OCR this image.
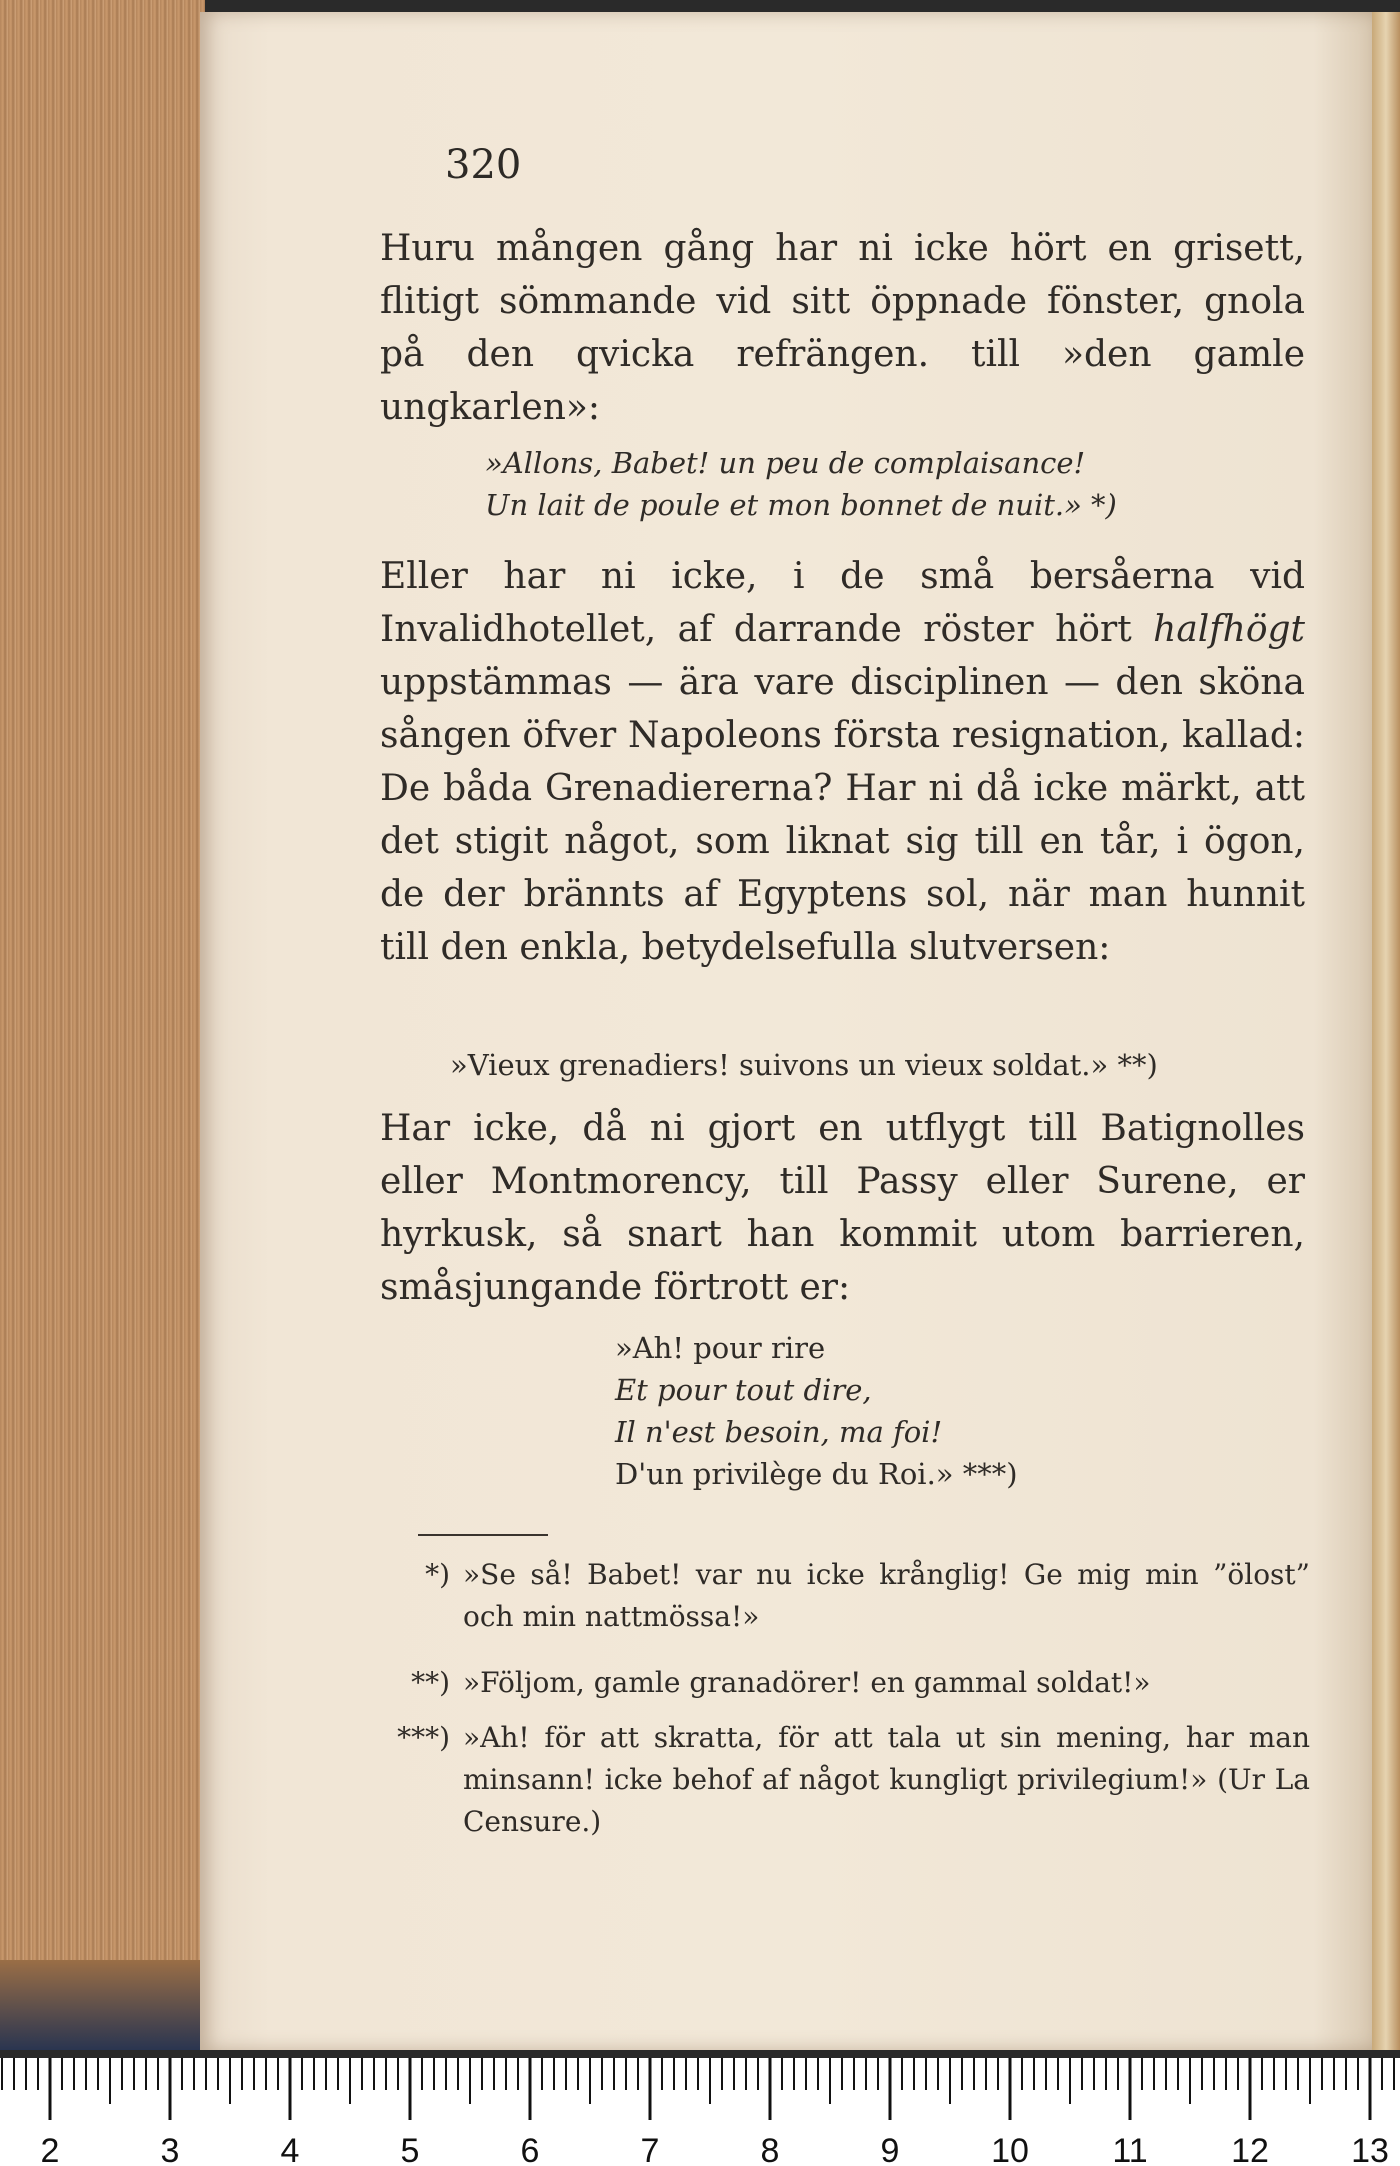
320

Huru mången gång har ni icke hört en grisett, flitigt sömmande vid sitt öppnade fönster, gnola på den qvicka refrängen. till »den gamle ungkarlen»:

»Allons, Babet! un peu de complaisance!
Un lait de poule et mon bonnet de nuit.» *)

Eller har ni icke, i de små bersåerna vid Invalidhotellet, af darrande röster hört halfhögt uppstämmas — ära vare disciplinen — den sköna sången öfver Napoleons första resignation, kallad: De båda Grenadiererna? Har ni då icke märkt, att det stigit något, som liknat sig till en tår, i ögon, de der brännts af Egyptens sol, när man hunnit till den enkla, betydelsefulla slutversen:

»Vieux grenadiers! suivons un vieux soldat.» **)

Har icke, då ni gjort en utflygt till Batignolles eller Montmorency, till Passy eller Surene, er hyrkusk, så snart han kommit utom barrieren, småsjungande förtrott er:

»Ah! pour rire
Et pour tout dire,
Il n'est besoin, ma foi!
D'un privilège du Roi.» ***)
*) »Se så! Babet! var nu icke krånglig! Ge mig min ”ölost” och min nattmössa!»
**) »Följom, gamle granadörer! en gammal soldat!»
***) »Ah! för att skratta, för att tala ut sin mening, har man minsann! icke behof af något kungligt privilegium!» (Ur La Censure.)
2	3	4	5	6	7	8	9	10 11 12 13
